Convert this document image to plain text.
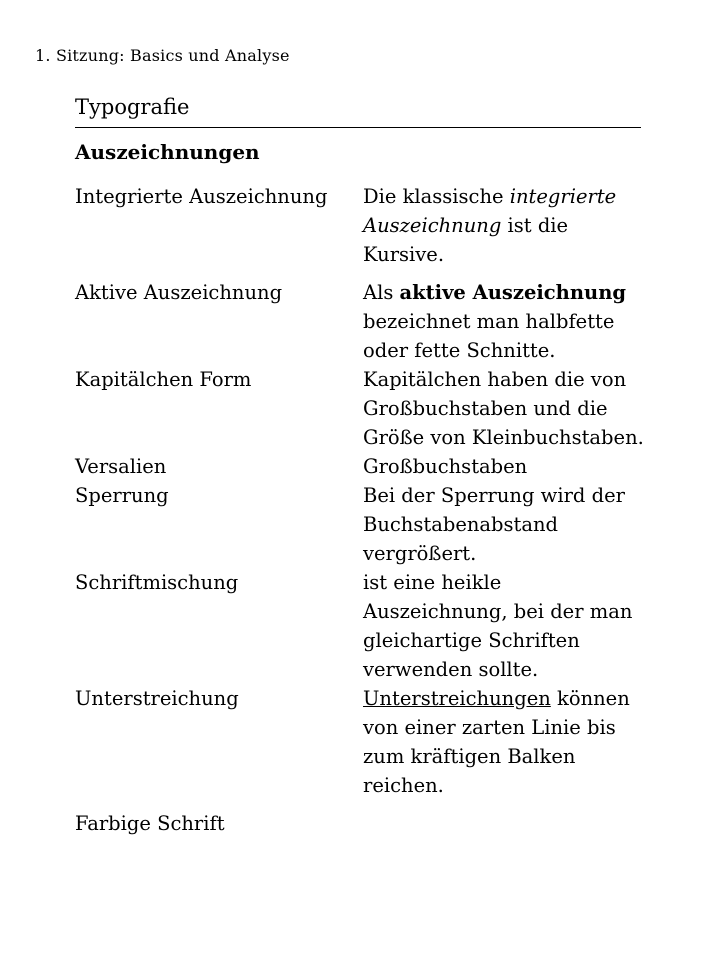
1. Sitzung: Basics und Analyse
Typografie
Auszeichnungen
Integrierte Auszeichnung	Die klassische integrierte Auszeichnung ist die Kursive.
Aktive Auszeichnung	Als aktive Auszeichnung bezeichnet man halbfette oder fette Schnitte.
Kapitälchen Form	Kapitälchen haben die von Großbuchstaben und die Größe von Kleinbuchstaben.
Versalien	Großbuchstaben
Sperrung	Bei der Sperrung wird der Buchstabenabstand vergrößert.
Schriftmischung	ist eine heikle Auszeichnung, bei der man gleichartige Schriften verwenden sollte.
Unterstreichung	Unterstreichungen können von einer zarten Linie bis zum kräftigen Balken reichen.
Farbige Schrift
